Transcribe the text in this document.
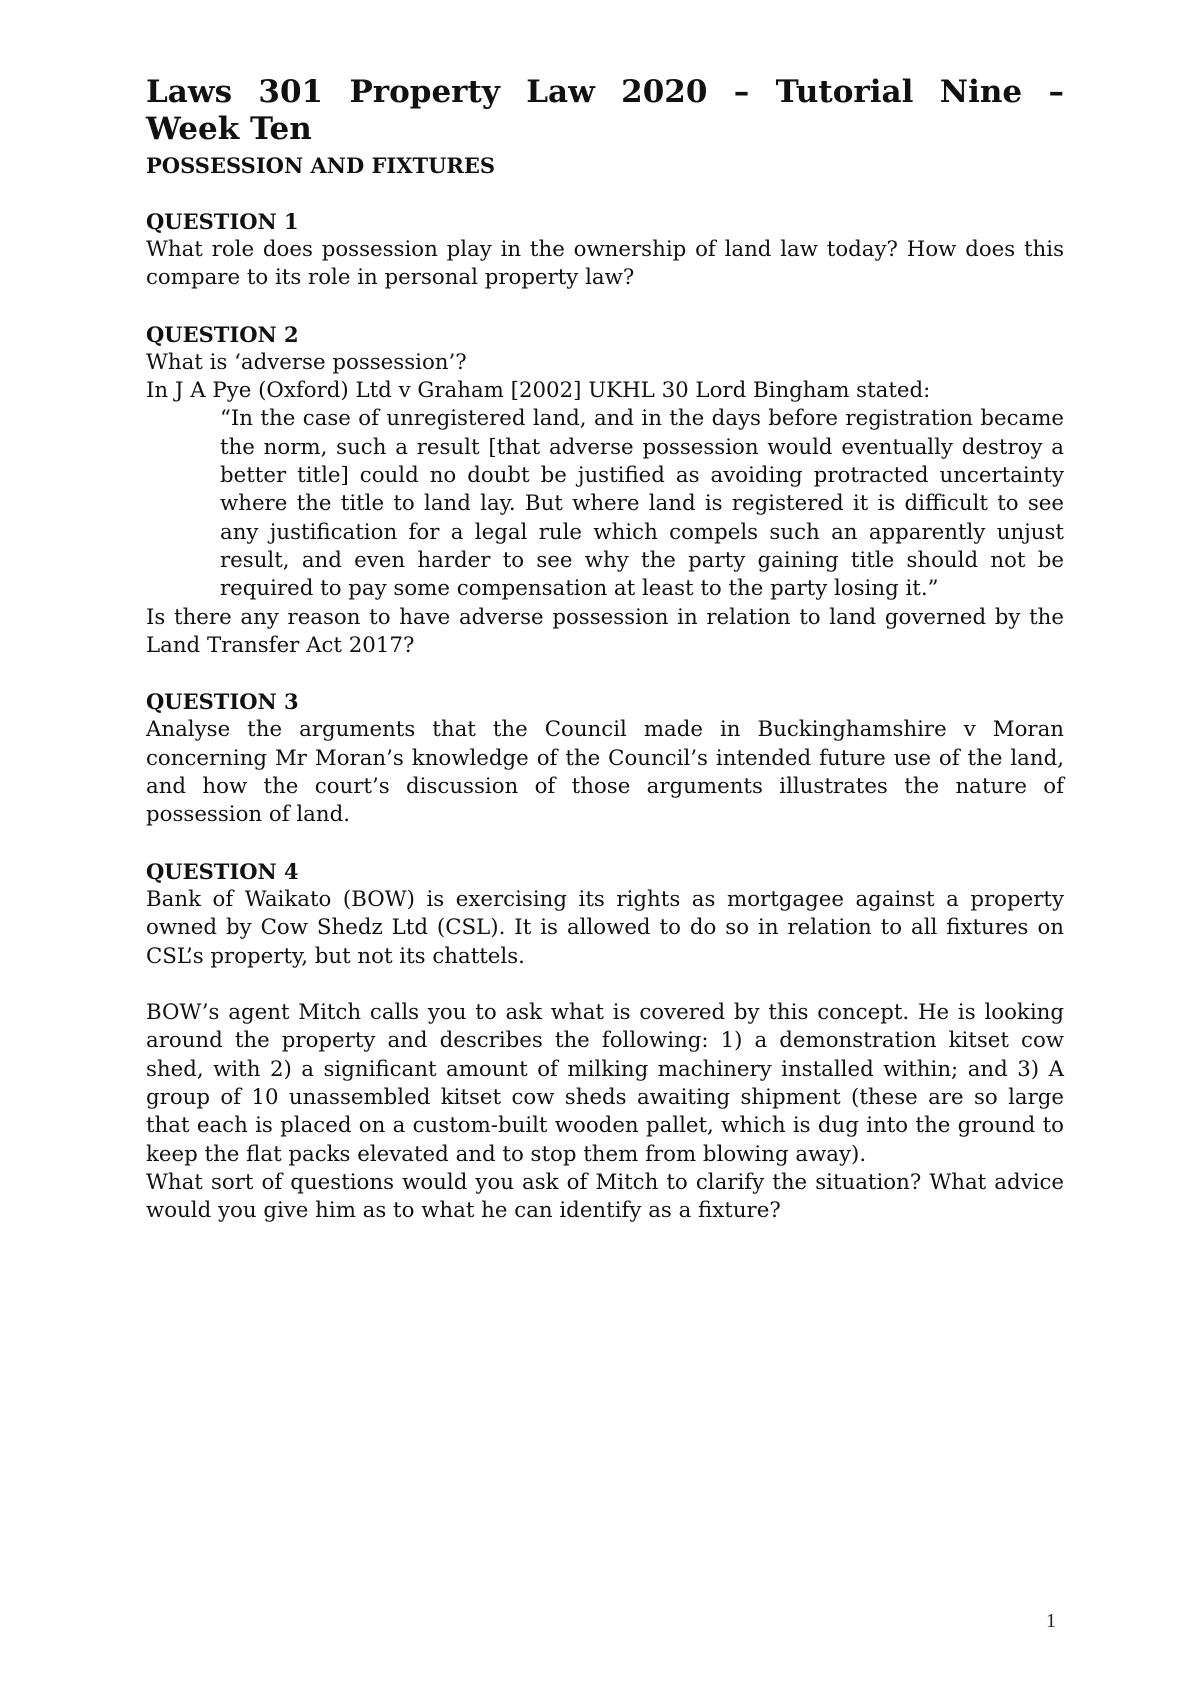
Laws 301 Property Law 2020 – Tutorial Nine –
Week Ten
POSSESSION AND FIXTURES
QUESTION 1

What role does possession play in the ownership of land law today? How does this compare to its role in personal property law?

QUESTION 2

What is ‘adverse possession’?

In J A Pye (Oxford) Ltd v Graham [2002] UKHL 30 Lord Bingham stated:

“In the case of unregistered land, and in the days before registration became the norm, such a result [that adverse possession would eventually destroy a better title] could no doubt be justified as avoiding protracted uncertainty where the title to land lay. But where land is registered it is difficult to see any justification for a legal rule which compels such an apparently unjust result, and even harder to see why the party gaining title should not be required to pay some compensation at least to the party losing it.”

Is there any reason to have adverse possession in relation to land governed by the Land Transfer Act 2017?

QUESTION 3

Analyse the arguments that the Council made in Buckinghamshire v Moran concerning Mr Moran’s knowledge of the Council’s intended future use of the land, and how the court’s discussion of those arguments illustrates the nature of possession of land.

QUESTION 4

Bank of Waikato (BOW) is exercising its rights as mortgagee against a property owned by Cow Shedz Ltd (CSL). It is allowed to do so in relation to all fixtures on CSL’s property, but not its chattels.

BOW’s agent Mitch calls you to ask what is covered by this concept. He is looking around the property and describes the following: 1) a demonstration kitset cow shed, with 2) a significant amount of milking machinery installed within; and 3) A group of 10 unassembled kitset cow sheds awaiting shipment (these are so large that each is placed on a custom-built wooden pallet, which is dug into the ground to keep the flat packs elevated and to stop them from blowing away).

What sort of questions would you ask of Mitch to clarify the situation? What advice would you give him as to what he can identify as a fixture?

1
